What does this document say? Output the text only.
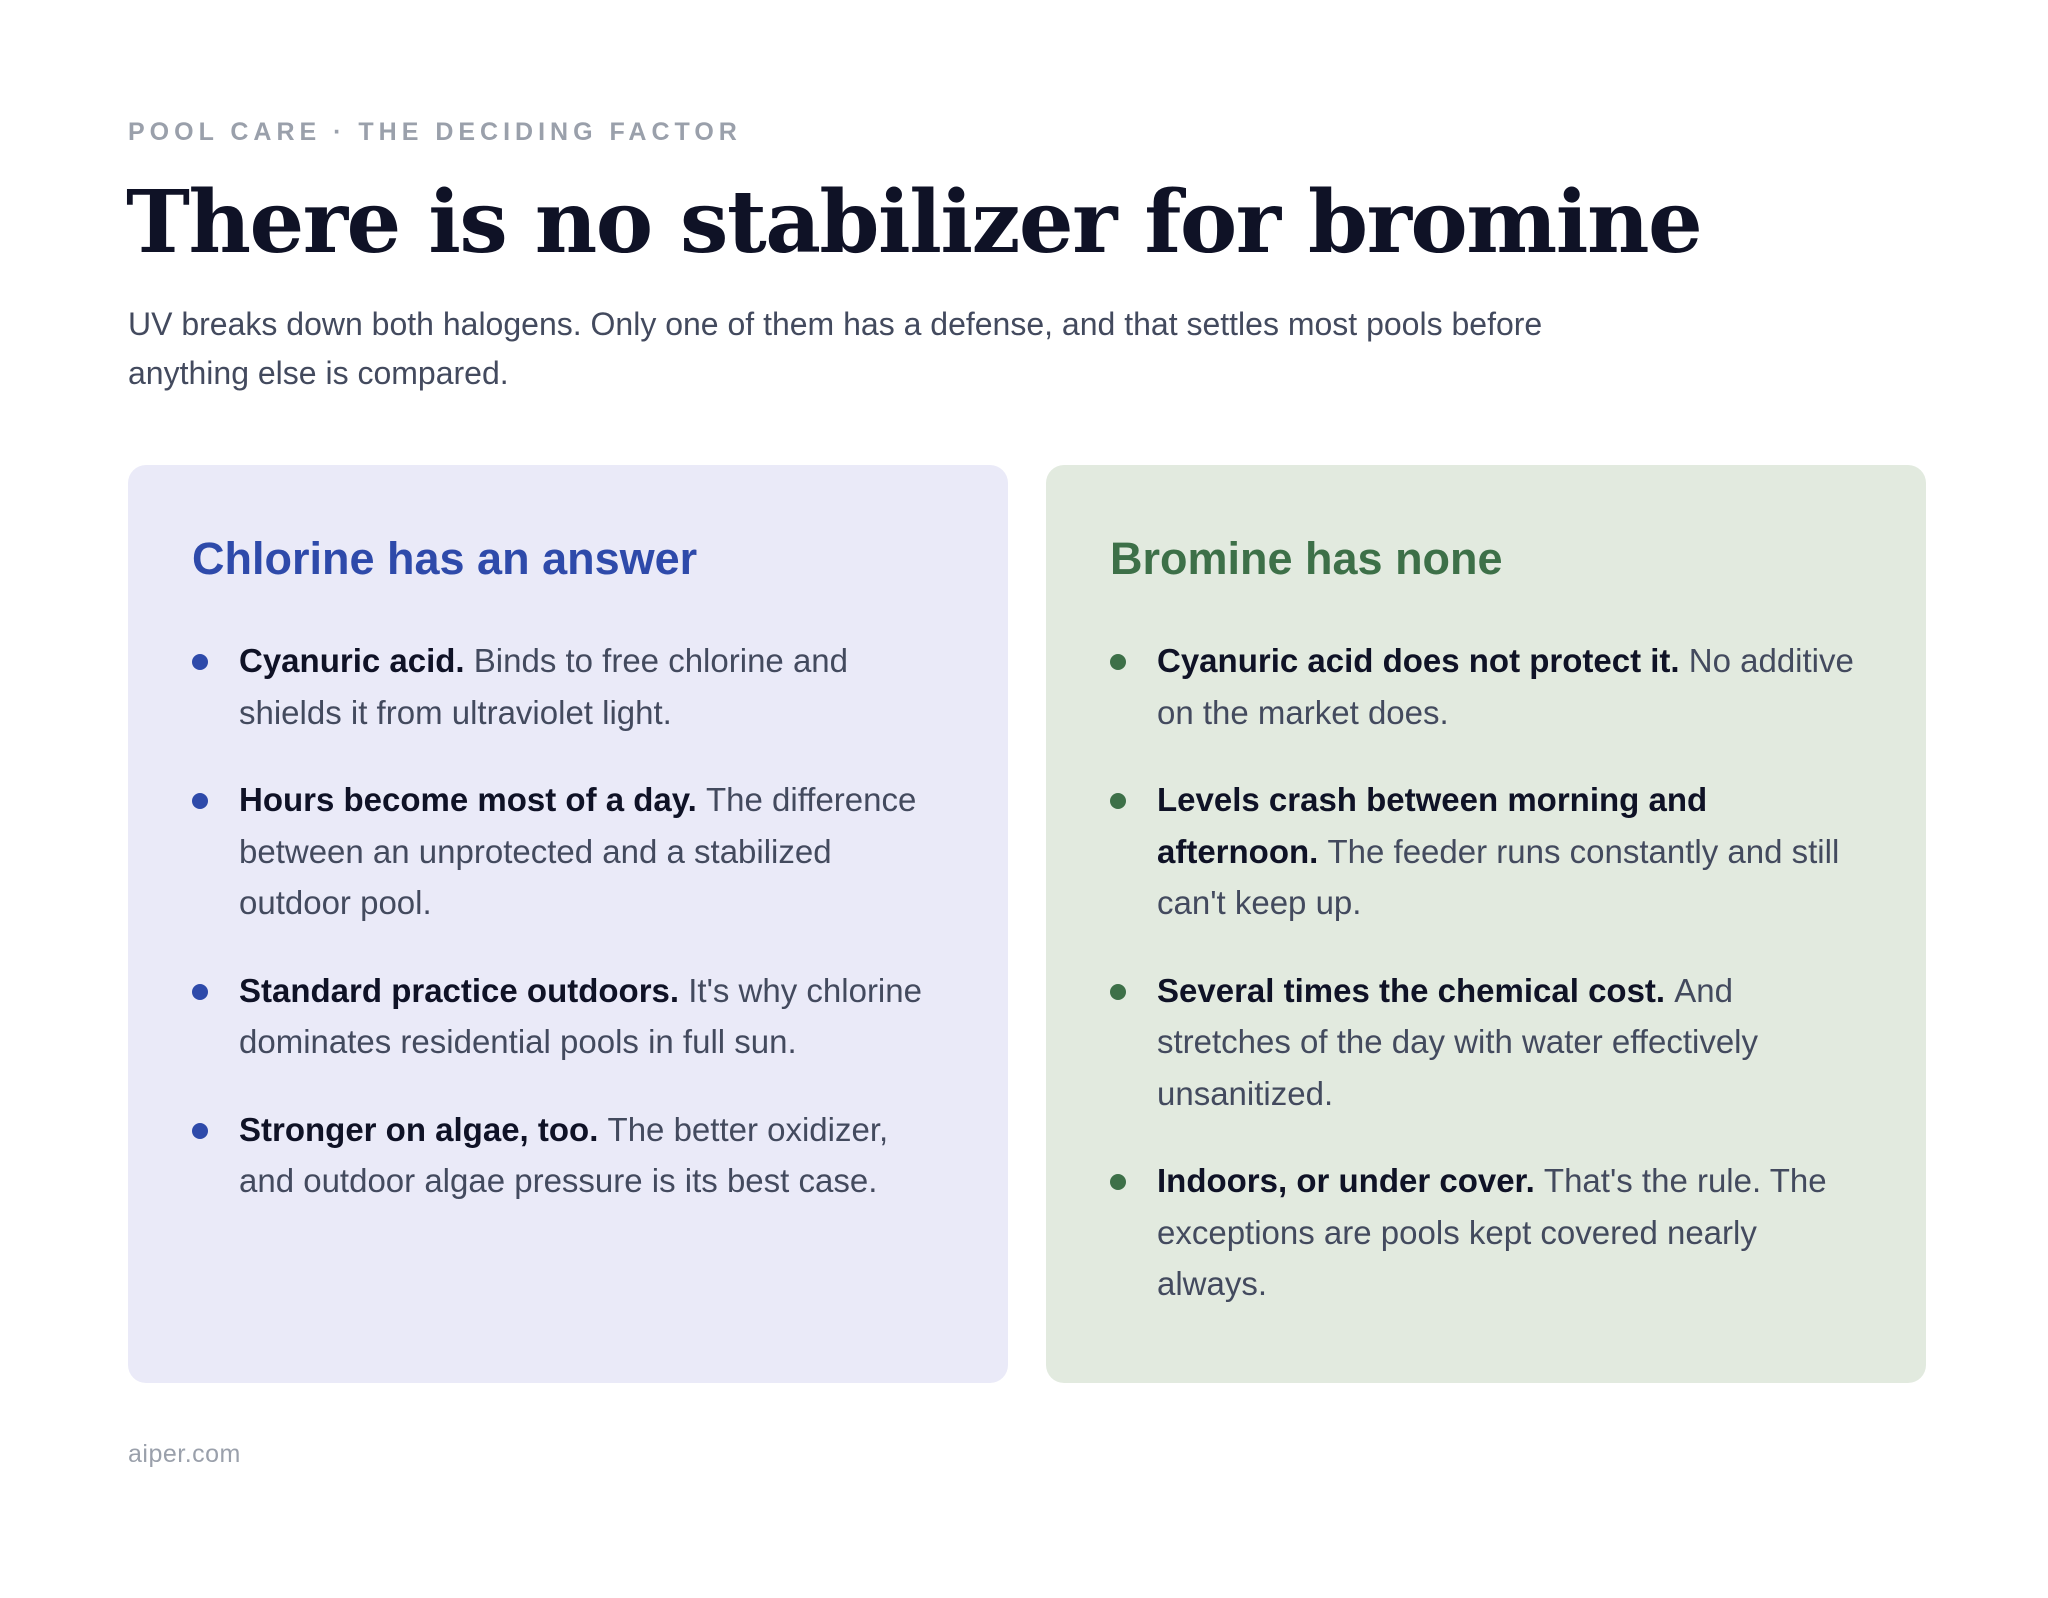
POOL CARE · THE DECIDING FACTOR
There is no stabilizer for bromine

UV breaks down both halogens. Only one of them has a defense, and that settles most pools before anything else is compared.

Chlorine has an answer
Cyanuric acid. Binds to free chlorine and shields it from ultraviolet light.
Hours become most of a day. The difference between an unprotected and a stabilized outdoor pool.
Standard practice outdoors. It's why chlorine dominates residential pools in full sun.
Stronger on algae, too. The better oxidizer, and outdoor algae pressure is its best case.
Bromine has none
Cyanuric acid does not protect it. No additive on the market does.
Levels crash between morning and afternoon. The feeder runs constantly and still can't keep up.
Several times the chemical cost. And stretches of the day with water effectively unsanitized.
Indoors, or under cover. That's the rule. The exceptions are pools kept covered nearly always.
aiper.com
